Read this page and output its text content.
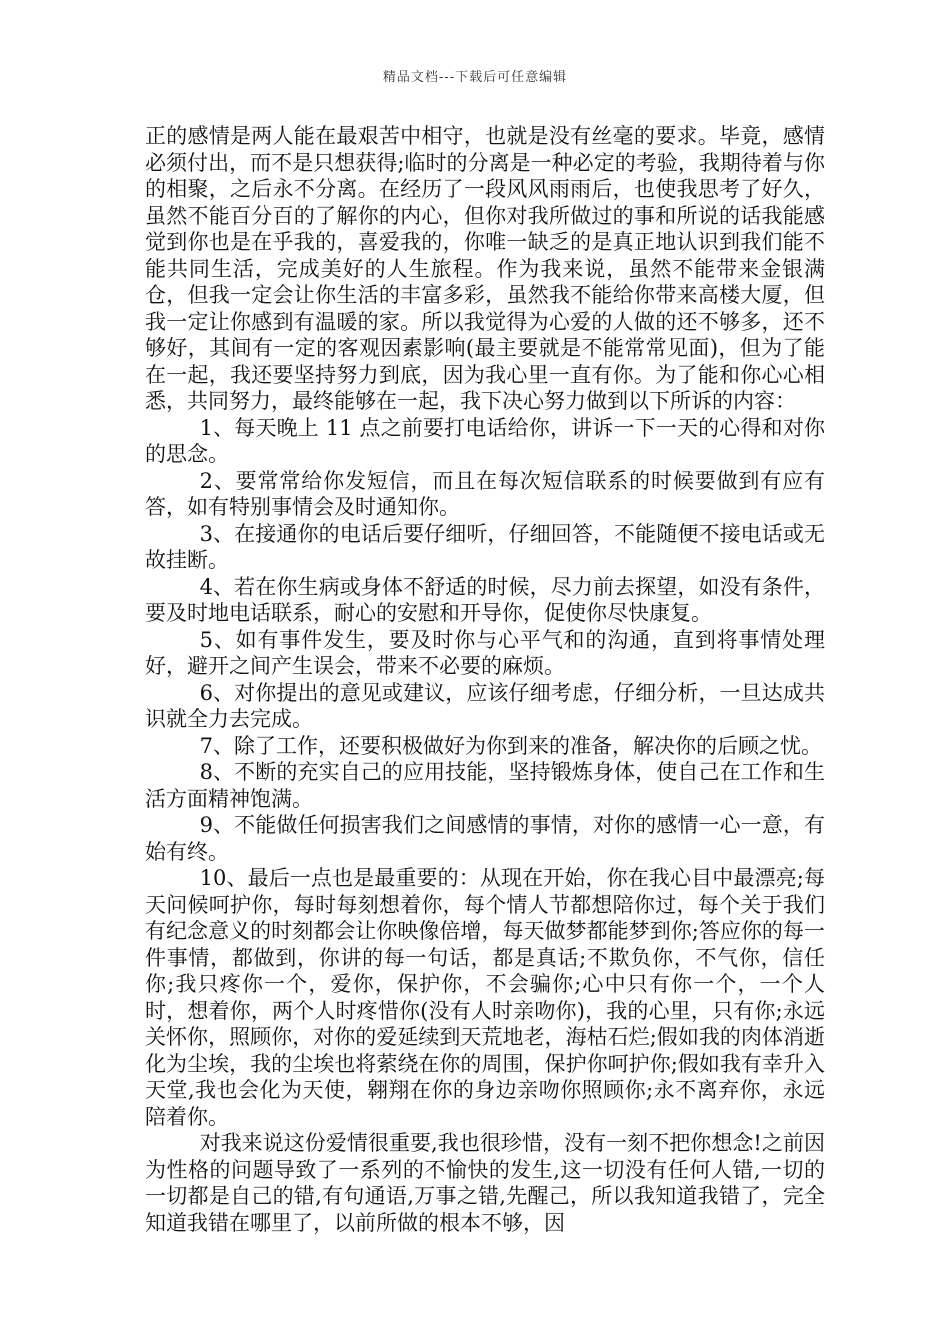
精品文档---下载后可任意编辑

正的感情是两人能在最艰苦中相守，也就是没有丝毫的要求。毕竟，感情必须付出，而不是只想获得;临时的分离是一种必定的考验，我期待着与你的相聚，之后永不分离。在经历了一段风风雨雨后，也使我思考了好久，虽然不能百分百的了解你的内心，但你对我所做过的事和所说的话我能感觉到你也是在乎我的，喜爱我的，你唯一缺乏的是真正地认识到我们能不能共同生活，完成美好的人生旅程。作为我来说，虽然不能带来金银满仓，但我一定会让你生活的丰富多彩，虽然我不能给你带来高楼大厦，但我一定让你感到有温暖的家。所以我觉得为心爱的人做的还不够多，还不够好，其间有一定的客观因素影响(最主要就是不能常常见面)，但为了能在一起，我还要坚持努力到底，因为我心里一直有你。为了能和你心心相悉，共同努力，最终能够在一起，我下决心努力做到以下所诉的内容：

1、每天晚上 11 点之前要打电话给你，讲诉一下一天的心得和对你的思念。

2、要常常给你发短信，而且在每次短信联系的时候要做到有应有答，如有特别事情会及时通知你。

3、在接通你的电话后要仔细听，仔细回答，不能随便不接电话或无故挂断。

4、若在你生病或身体不舒适的时候，尽力前去探望，如没有条件，要及时地电话联系，耐心的安慰和开导你，促使你尽快康复。

5、如有事件发生，要及时你与心平气和的沟通，直到将事情处理好，避开之间产生误会，带来不必要的麻烦。

6、对你提出的意见或建议，应该仔细考虑，仔细分析，一旦达成共识就全力去完成。

7、除了工作，还要积极做好为你到来的准备，解决你的后顾之忧。

8、不断的充实自己的应用技能，坚持锻炼身体，使自己在工作和生活方面精神饱满。

9、不能做任何损害我们之间感情的事情，对你的感情一心一意，有始有终。

10、最后一点也是最重要的：从现在开始，你在我心目中最漂亮;每天问候呵护你，每时每刻想着你，每个情人节都想陪你过，每个关于我们有纪念意义的时刻都会让你映像倍增，每天做梦都能梦到你;答应你的每一件事情，都做到，你讲的每一句话，都是真话;不欺负你，不气你，信任你;我只疼你一个，爱你，保护你，不会骗你;心中只有你一个，一个人时，想着你，两个人时疼惜你(没有人时亲吻你)，我的心里，只有你;永远关怀你，照顾你，对你的爱延续到天荒地老，海枯石烂;假如我的肉体消逝化为尘埃，我的尘埃也将萦绕在你的周围，保护你呵护你;假如我有幸升入天堂,我也会化为天使，翱翔在你的身边亲吻你照顾你;永不离弃你，永远陪着你。

对我来说这份爱情很重要,我也很珍惜，没有一刻不把你想念!之前因为性格的问题导致了一系列的不愉快的发生,这一切没有任何人错,一切的一切都是自己的错,有句通语,万事之错,先醒己，所以我知道我错了，完全知道我错在哪里了，以前所做的根本不够，因
